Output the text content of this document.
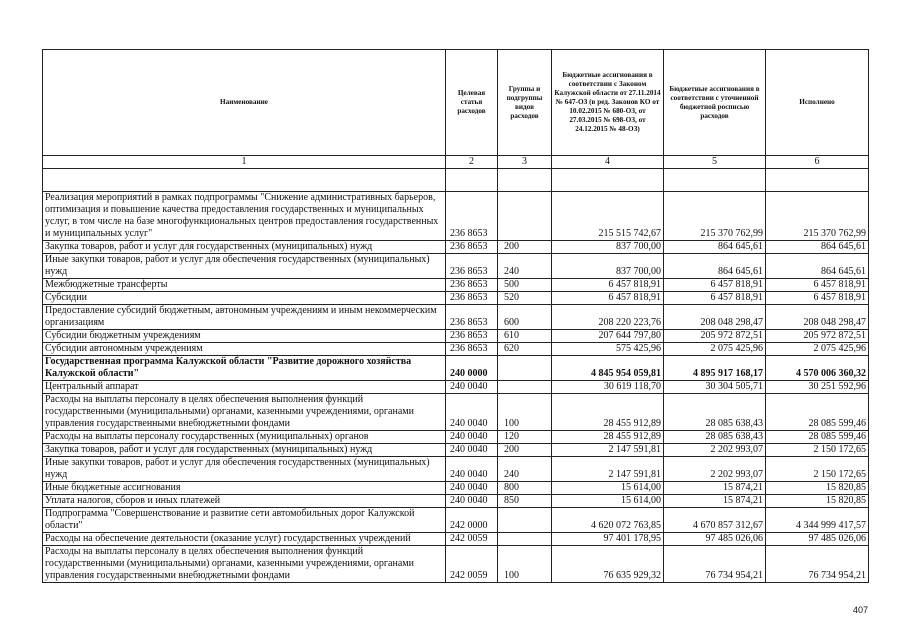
Наименование	Целевая статья расходов	Группы и подгруппы видов расходов	Бюджетные ассигнования в соответствии с Законом Калужской области от 27.11.2014 № 647-ОЗ (в ред. Законов КО от 10.02.2015 № 680-ОЗ, от 27.03.2015 № 698-ОЗ, от 24.12.2015 № 48-ОЗ)	Бюджетные ассигнования в соответствии с уточненной бюджетной росписью расходов	Исполнено
1	2	3	4	5	6

Реализация мероприятий в рамках подпрограммы "Снижение административных барьеров, оптимизация и повышение качества предоставления государственных и муниципальных услуг, в том числе на базе многофункциональных центров предоставления государственных и муниципальных услуг"	236 8653		215 515 742,67	215 370 762,99	215 370 762,99
Закупка товаров, работ и услуг для государственных (муниципальных) нужд	236 8653	200	837 700,00	864 645,61	864 645,61
Иные закупки товаров, работ и услуг для обеспечения государственных (муниципальных) нужд	236 8653	240	837 700,00	864 645,61	864 645,61
Межбюджетные трансферты	236 8653	500	6 457 818,91	6 457 818,91	6 457 818,91
Субсидии	236 8653	520	6 457 818,91	6 457 818,91	6 457 818,91
Предоставление субсидий бюджетным, автономным учреждениям и иным некоммерческим организациям	236 8653	600	208 220 223,76	208 048 298,47	208 048 298,47
Субсидии бюджетным учреждениям	236 8653	610	207 644 797,80	205 972 872,51	205 972 872,51
Субсидии автономным учреждениям	236 8653	620	575 425,96	2 075 425,96	2 075 425,96
Государственная программа Калужской области "Развитие дорожного хозяйства Калужской области"	240 0000		4 845 954 059,81	4 895 917 168,17	4 570 006 360,32
Центральный аппарат	240 0040		30 619 118,70	30 304 505,71	30 251 592,96
Расходы на выплаты персоналу в целях обеспечения выполнения функций государственными (муниципальными) органами, казенными учреждениями, органами управления государственными внебюджетными фондами	240 0040	100	28 455 912,89	28 085 638,43	28 085 599,46
Расходы на выплаты персоналу государственных (муниципальных) органов	240 0040	120	28 455 912,89	28 085 638,43	28 085 599,46
Закупка товаров, работ и услуг для государственных (муниципальных) нужд	240 0040	200	2 147 591,81	2 202 993,07	2 150 172,65
Иные закупки товаров, работ и услуг для обеспечения государственных (муниципальных) нужд	240 0040	240	2 147 591,81	2 202 993,07	2 150 172,65
Иные бюджетные ассигнования	240 0040	800	15 614,00	15 874,21	15 820,85
Уплата налогов, сборов и иных платежей	240 0040	850	15 614,00	15 874,21	15 820,85
Подпрограмма "Совершенствование и развитие сети автомобильных дорог Калужской области"	242 0000		4 620 072 763,85	4 670 857 312,67	4 344 999 417,57
Расходы на обеспечение деятельности (оказание услуг) государственных учреждений	242 0059		97 401 178,95	97 485 026,06	97 485 026,06
Расходы на выплаты персоналу в целях обеспечения выполнения функций государственными (муниципальными) органами, казенными учреждениями, органами управления государственными внебюджетными фондами	242 0059	100	76 635 929,32	76 734 954,21	76 734 954,21
407
